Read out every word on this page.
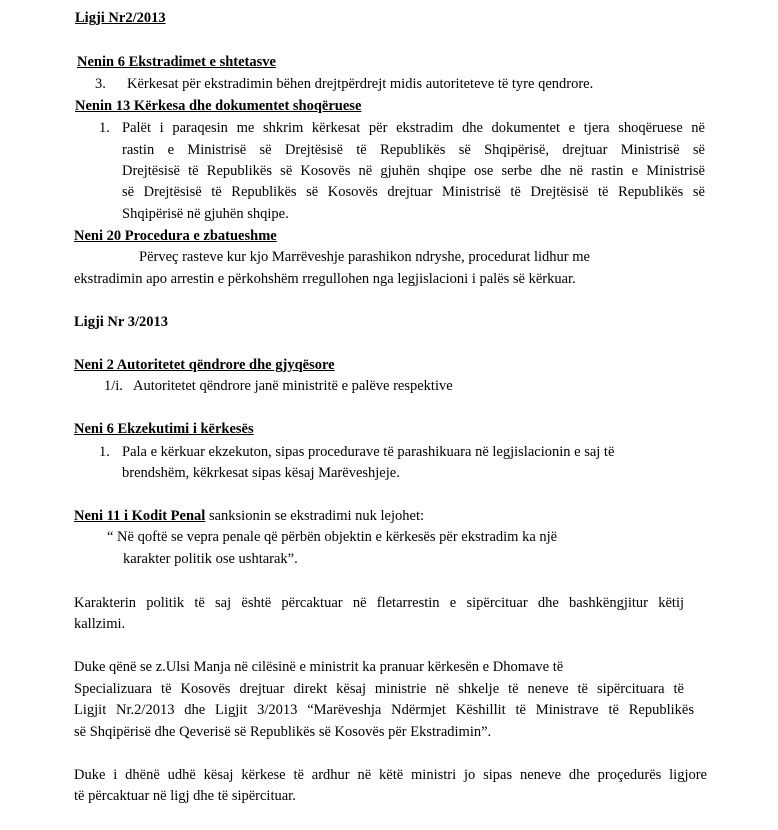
Ligji Nr2/2013
Nenin 6 Ekstradimet e shtetasve
3. Kërkesat për ekstradimin bëhen drejtpërdrejt midis autoriteteve të tyre qendrore.
Nenin 13 Kërkesa dhe dokumentet shoqëruese
1. Palët i paraqesin me shkrim kërkesat për ekstradim dhe dokumentet e tjera shoqëruese në
rastin e Ministrisë së Drejtësisë të Republikës së Shqipërisë, drejtuar Ministrisë së
Drejtësisë të Republikës së Kosovës në gjuhën shqipe ose serbe dhe në rastin e Ministrisë
së Drejtësisë të Republikës së Kosovës drejtuar Ministrisë të Drejtësisë të Republikës së
Shqipërisë në gjuhën shqipe.
Neni 20 Procedura e zbatueshme
Përveç rasteve kur kjo Marrëveshje parashikon ndryshe, procedurat lidhur me
ekstradimin apo arrestin e përkohshëm rregullohen nga legjislacioni i palës së kërkuar.
Ligji Nr 3/2013
Neni 2 Autoritetet qëndrore dhe gjyqësore
1/i. Autoritetet qëndrore janë ministritë e palëve respektive
Neni 6 Ekzekutimi i kërkesës
1. Pala e kërkuar ekzekuton, sipas procedurave të parashikuara në legjislacionin e saj të
brendshëm, këkrkesat sipas kësaj Marëveshjeje.
Neni 11 i Kodit Penal sanksionin se ekstradimi nuk lejohet:
“ Në qoftë se vepra penale që përbën objektin e kërkesës për ekstradim ka një
karakter politik ose ushtarak”.
Karakterin politik të saj është përcaktuar në fletarrestin e sipërcituar dhe bashkëngjitur këtij
kallzimi.
Duke qënë se z.Ulsi Manja në cilësinë e ministrit ka pranuar kërkesën e Dhomave të
Specializuara të Kosovës drejtuar direkt kësaj ministrie në shkelje të neneve të sipërcituara të
Ligjit Nr.2/2013 dhe Ligjit 3/2013 “Marëveshja Ndërmjet Këshillit të Ministrave të Republikës
së Shqipërisë dhe Qeverisë së Republikës së Kosovës për Ekstradimin”.
Duke i dhënë udhë kësaj kërkese të ardhur në këtë ministri jo sipas neneve dhe proçedurës ligjore
të përcaktuar në ligj dhe të sipërcituar.
